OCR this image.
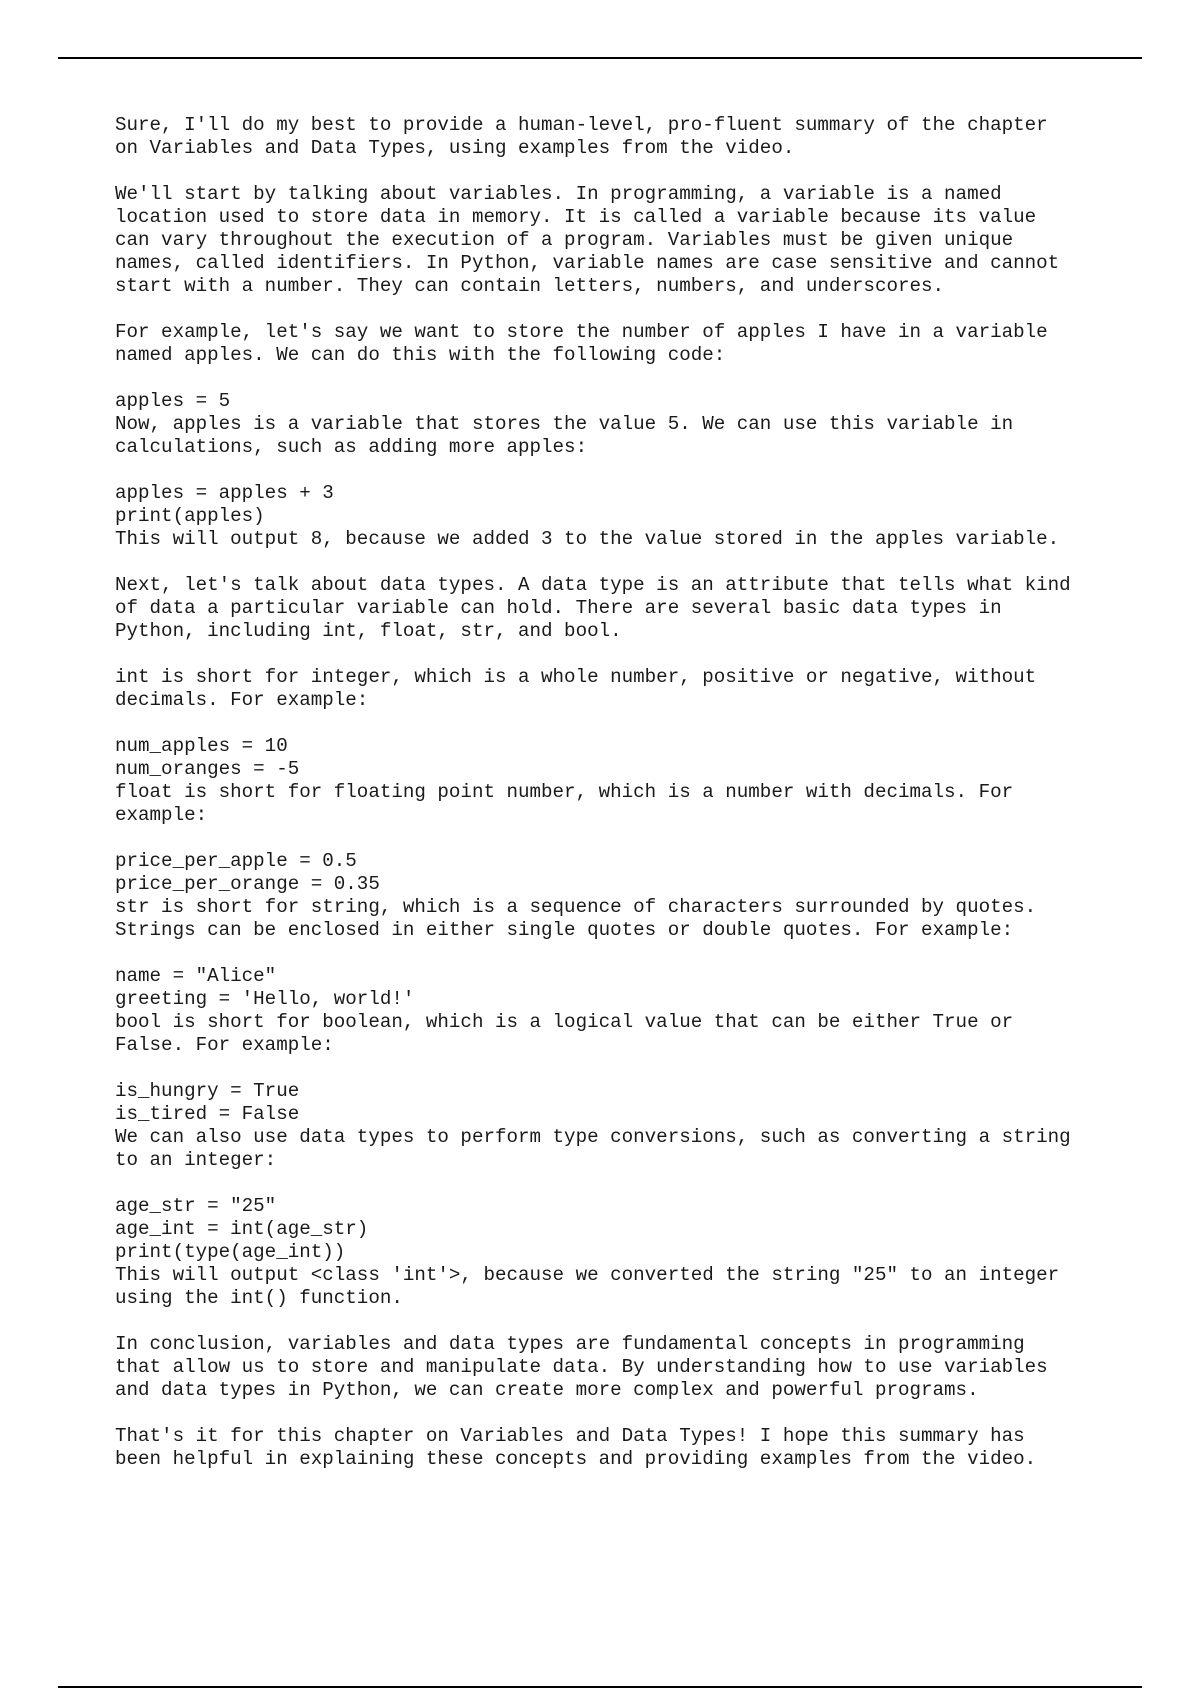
Sure, I'll do my best to provide a human-level, pro-fluent summary of the chapter
on Variables and Data Types, using examples from the video.
We'll start by talking about variables. In programming, a variable is a named
location used to store data in memory. It is called a variable because its value
can vary throughout the execution of a program. Variables must be given unique
names, called identifiers. In Python, variable names are case sensitive and cannot
start with a number. They can contain letters, numbers, and underscores.
For example, let's say we want to store the number of apples I have in a variable
named apples. We can do this with the following code:
apples = 5
Now, apples is a variable that stores the value 5. We can use this variable in
calculations, such as adding more apples:
apples = apples + 3
print(apples)
This will output 8, because we added 3 to the value stored in the apples variable.
Next, let's talk about data types. A data type is an attribute that tells what kind
of data a particular variable can hold. There are several basic data types in
Python, including int, float, str, and bool.
int is short for integer, which is a whole number, positive or negative, without
decimals. For example:
num_apples = 10
num_oranges = -5
float is short for floating point number, which is a number with decimals. For
example:
price_per_apple = 0.5
price_per_orange = 0.35
str is short for string, which is a sequence of characters surrounded by quotes.
Strings can be enclosed in either single quotes or double quotes. For example:
name = "Alice"
greeting = 'Hello, world!'
bool is short for boolean, which is a logical value that can be either True or
False. For example:
is_hungry = True
is_tired = False
We can also use data types to perform type conversions, such as converting a string
to an integer:
age_str = "25"
age_int = int(age_str)
print(type(age_int))
This will output <class 'int'>, because we converted the string "25" to an integer
using the int() function.
In conclusion, variables and data types are fundamental concepts in programming
that allow us to store and manipulate data. By understanding how to use variables
and data types in Python, we can create more complex and powerful programs.
That's it for this chapter on Variables and Data Types! I hope this summary has
been helpful in explaining these concepts and providing examples from the video.
